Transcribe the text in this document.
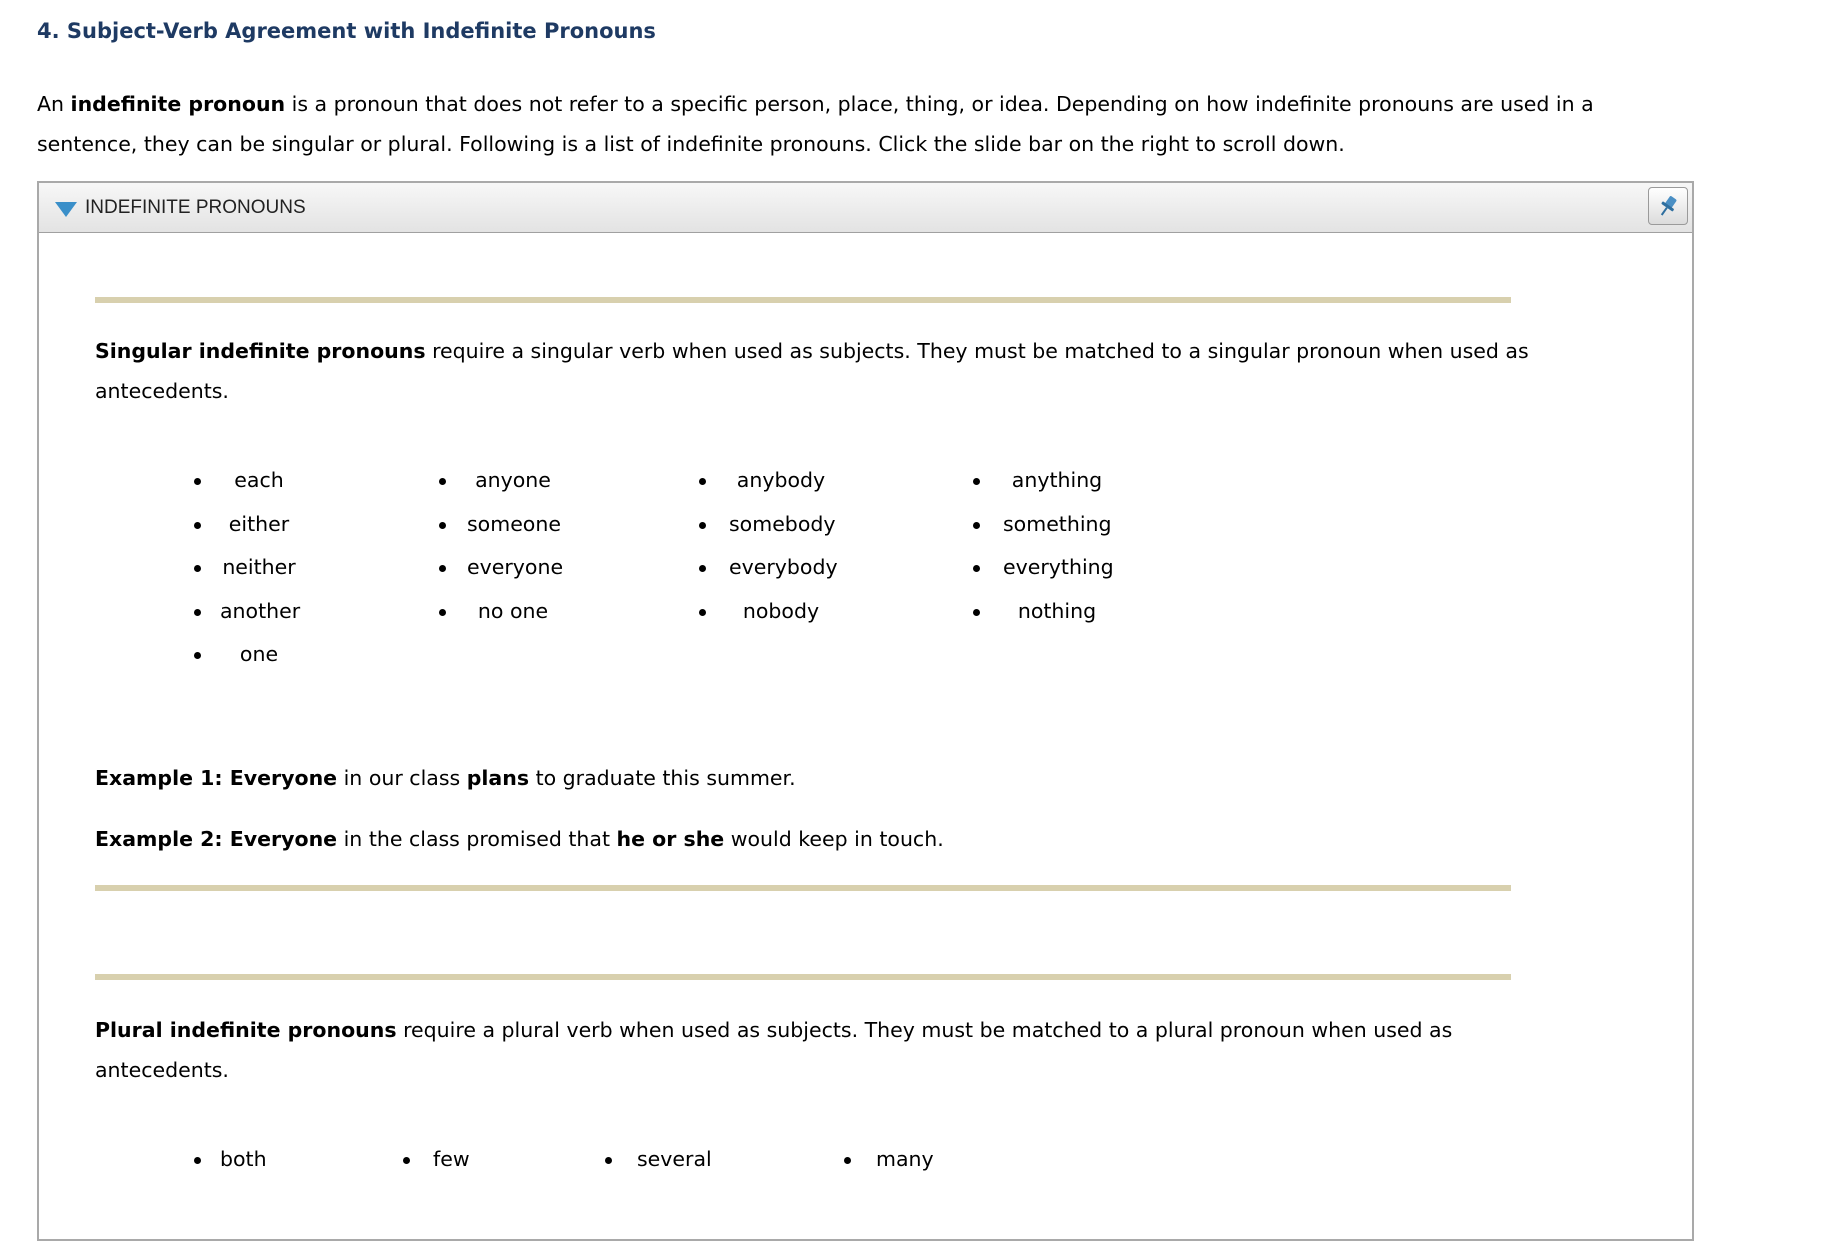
4. Subject-Verb Agreement with Indefinite Pronouns

An indefinite pronoun is a pronoun that does not refer to a specific person, place, thing, or idea. Depending on how indefinite pronouns are used in a sentence, they can be singular or plural. Following is a list of indefinite pronouns. Click the slide bar on the right to scroll down.

INDEFINITE PRONOUNS

Singular indefinite pronouns require a singular verb when used as subjects. They must be matched to a singular pronoun when used as antecedents.

each
either
neither
another
one
anyone
someone
everyone
no one
anybody
somebody
everybody
nobody
anything
something
everything
nothing

Example 1: Everyone in our class plans to graduate this summer.

Example 2: Everyone in the class promised that he or she would keep in touch.

Plural indefinite pronouns require a plural verb when used as subjects. They must be matched to a plural pronoun when used as antecedents.

both	few	several	many
